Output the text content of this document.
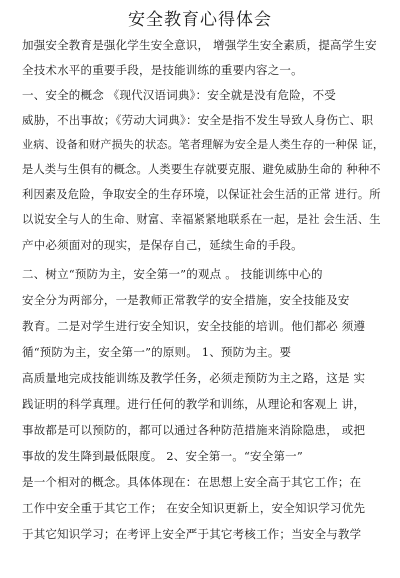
安全教育心得体会
加强安全教育是强化学生安全意识， 增强学生安全素质，提高学生安
全技术水平的重要手段，是技能训练的重要内容之一。
一、安全的概念 《现代汉语词典》：安全就是没有危险，不受
威胁，不出事故；《劳动大词典》：安全是指不发生导致人身伤亡、职
业病、设备和财产损失的状态。笔者理解为安全是人类生存的一种保 证，
是人类与生俱有的概念。人类要生存就要克服、避免威胁生命的 种种不
利因素及危险，争取安全的生存环境，以保证社会生活的正常 进行。所
以说安全与人的生命、财富、幸福紧紧地联系在一起，是社 会生活、生
产中必须面对的现实，是保存自己，延续生命的手段。
二、树立“预防为主，安全第一”的观点 。 技能训练中心的
安全分为两部分，一是教师正常教学的安全措施，安全技能及安
教育。二是对学生进行安全知识，安全技能的培训。他们都必 须遵
循“预防为主，安全第一”的原则。 1、预防为主。要
高质量地完成技能训练及教学任务，必须走预防为主之路，这是 实
践证明的科学真理。进行任何的教学和训练，从理论和客观上 讲，
事故都是可以预防的，都可以通过各种防范措施来消除隐患， 或把
事故的发生降到最低限度。 2、安全第一。“安全第一”
是一个相对的概念。具体体现在：在思想上安全高于其它工作；在
工作中安全重于其它工作； 在安全知识更新上，安全知识学习优先
于其它知识学习；在考评上安全严于其它考核工作；当安全与教学
